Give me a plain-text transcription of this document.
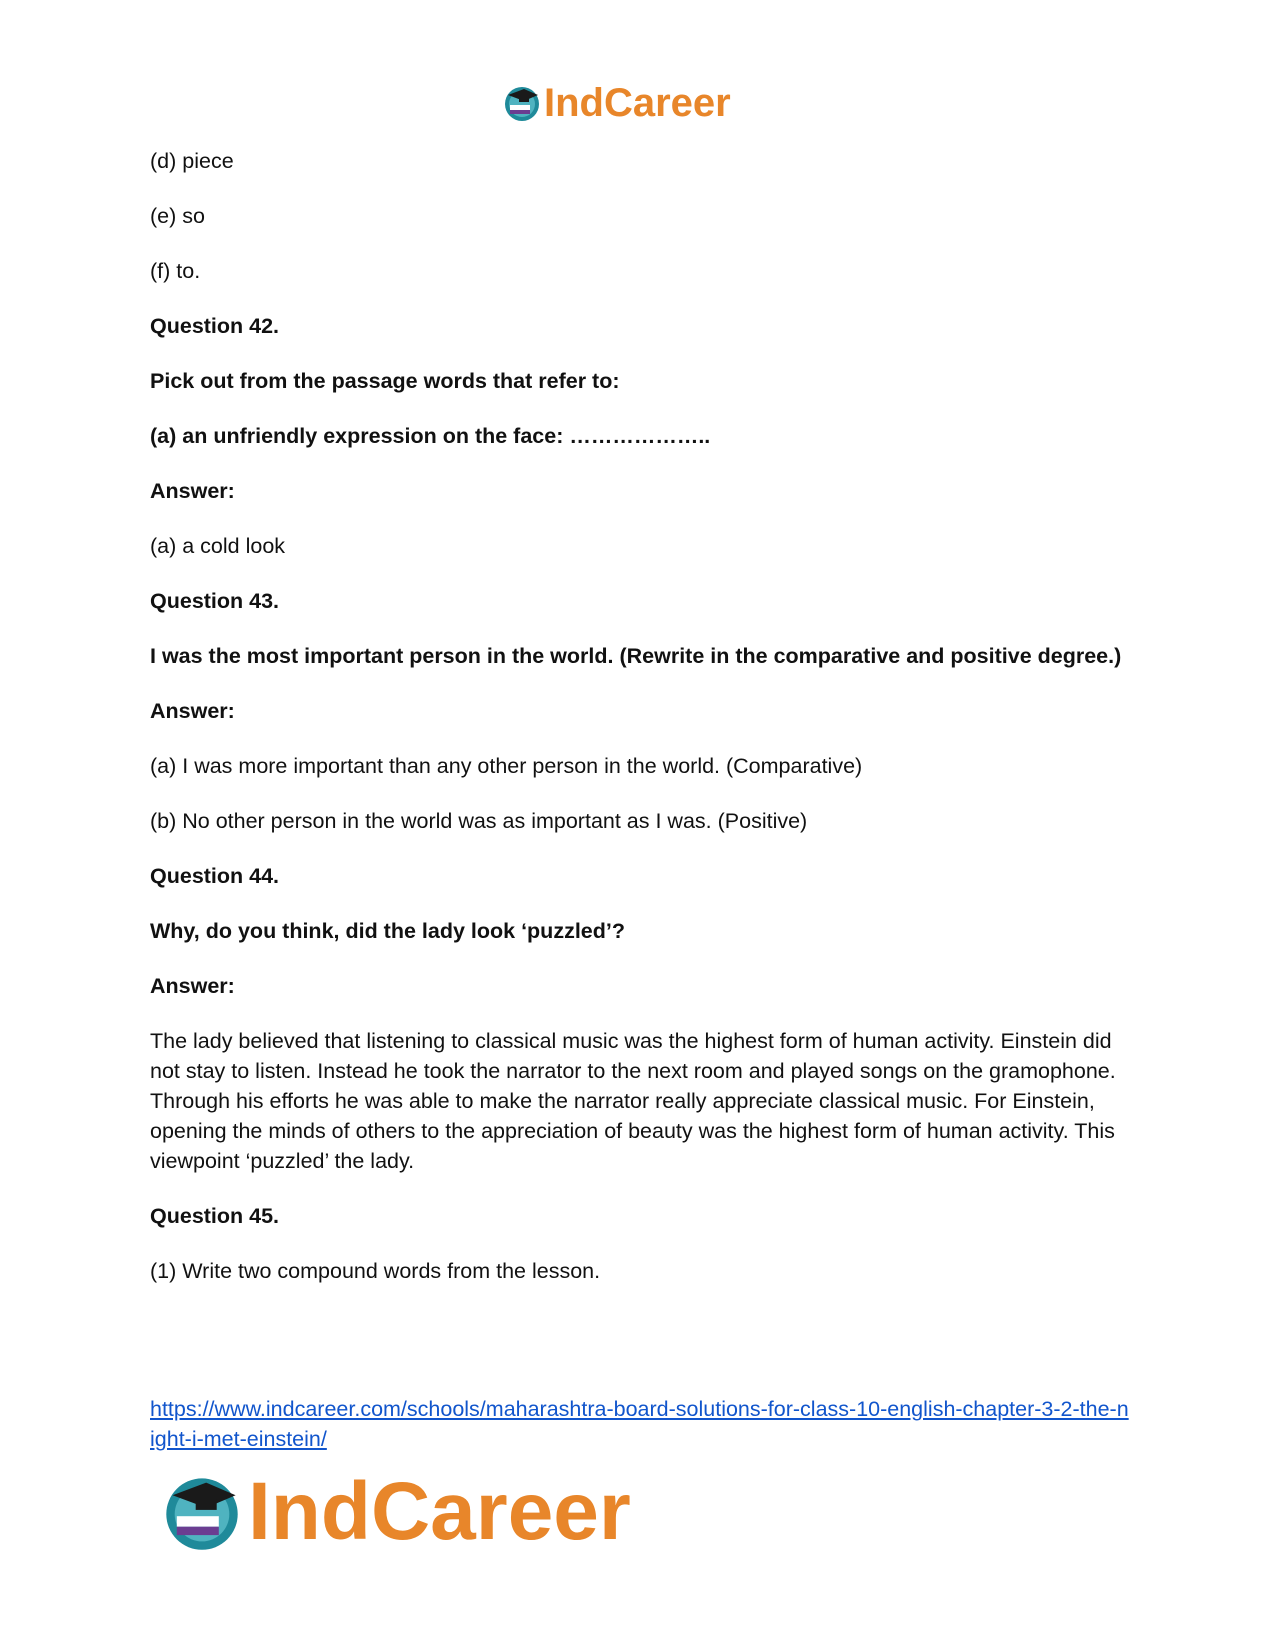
IndCareer

(d) piece

(e) so

(f) to.

Question 42.

Pick out from the passage words that refer to:

(a) an unfriendly expression on the face: ………………..

Answer:

(a) a cold look

Question 43.

I was the most important person in the world. (Rewrite in the comparative and positive degree.)

Answer:

(a) I was more important than any other person in the world. (Comparative)

(b) No other person in the world was as important as I was. (Positive)

Question 44.

Why, do you think, did the lady look ‘puzzled’?

Answer:

The lady believed that listening to classical music was the highest form of human activity. Einstein did not stay to listen. Instead he took the narrator to the next room and played songs on the gramophone. Through his efforts he was able to make the narrator really appreciate classical music. For Einstein, opening the minds of others to the appreciation of beauty was the highest form of human activity. This viewpoint ‘puzzled’ the lady.

Question 45.

(1) Write two compound words from the lesson.

https://www.indcareer.com/schools/maharashtra-board-solutions-for-class-10-english-chapter-3-2-the-night-i-met-einstein/
IndCareer
